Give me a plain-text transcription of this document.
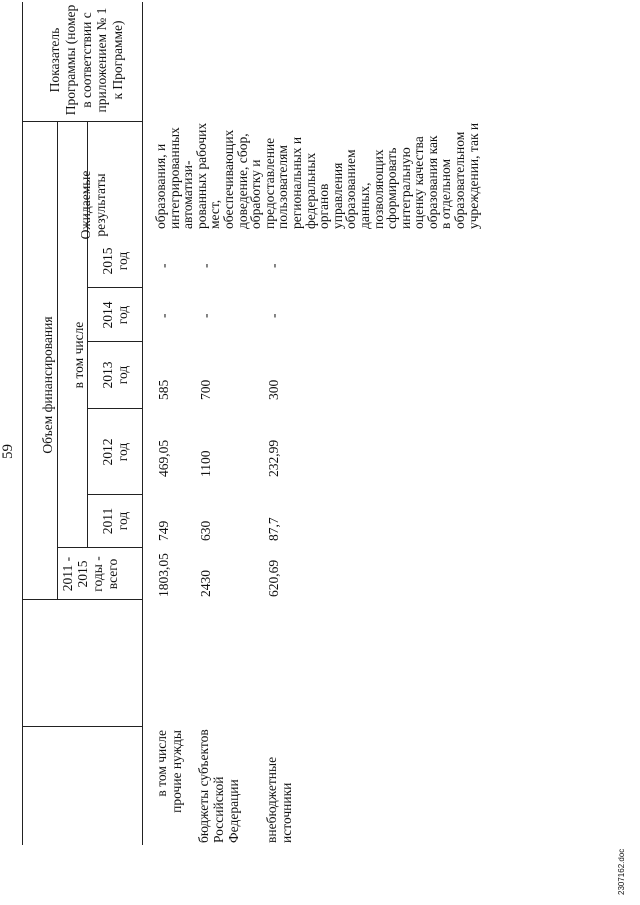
59 Объем финансирования
2011 - 2015 годы - всего
в том числе
2011 год
2012 год
2013 год
2014 год
2015 год
Ожидаемые результаты
Показатель Программы (номер в соответствии с приложением № 1 к Программе)
в том числе прочие нужды
1803,05
749
469,05
585
-
-
бюджеты субъектов Российской Федерации
2430
630
1100
700
-
-
внебюджетные источники
620,69
87,7
232,99
300
-
-
образования, и
интегрированных
автоматизи-
рованных рабочих
мест,
обеспечивающих
доведение, сбор,
обработку и
предоставление
пользователям
региональных и
федеральных
органов
управления
образованием
данных,
позволяющих
сформировать
интегральную
оценку качества
образования как
в отдельном
образовательном
учреждении, так и
2307162.doc
